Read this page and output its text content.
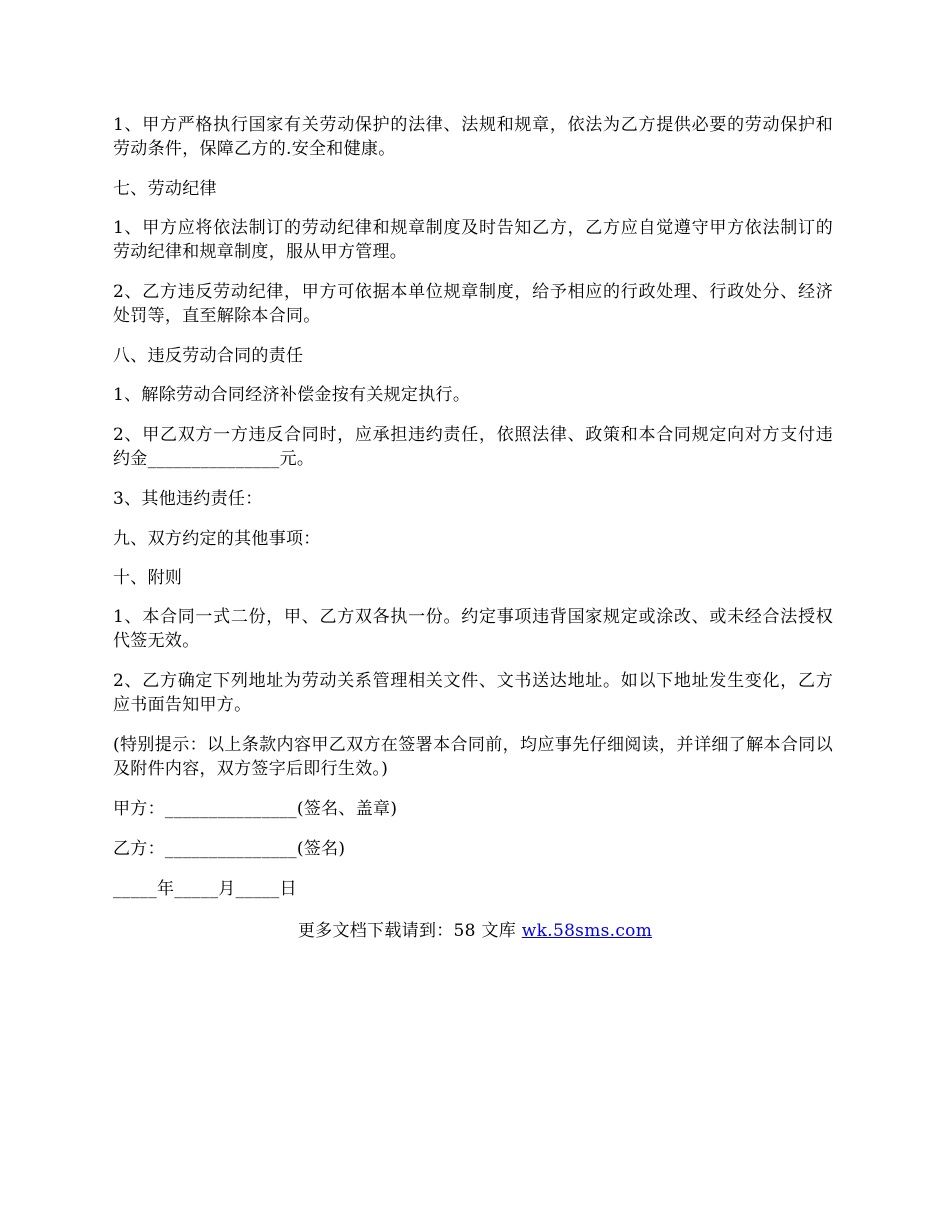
1、甲方严格执行国家有关劳动保护的法律、法规和规章，依法为乙方提供必要的劳动保护和劳动条件，保障乙方的.安全和健康。

七、劳动纪律

1、甲方应将依法制订的劳动纪律和规章制度及时告知乙方，乙方应自觉遵守甲方依法制订的劳动纪律和规章制度，服从甲方管理。

2、乙方违反劳动纪律，甲方可依据本单位规章制度，给予相应的行政处理、行政处分、经济处罚等，直至解除本合同。

八、违反劳动合同的责任

1、解除劳动合同经济补偿金按有关规定执行。

2、甲乙双方一方违反合同时，应承担违约责任，依照法律、政策和本合同规定向对方支付违约金_______________元。

3、其他违约责任：

九、双方约定的其他事项：

十、附则

1、本合同一式二份，甲、乙方双各执一份。约定事项违背国家规定或涂改、或未经合法授权代签无效。

2、乙方确定下列地址为劳动关系管理相关文件、文书送达地址。如以下地址发生变化，乙方应书面告知甲方。

(特别提示：以上条款内容甲乙双方在签署本合同前，均应事先仔细阅读，并详细了解本合同以及附件内容，双方签字后即行生效。)

甲方：_______________(签名、盖章)

乙方：_______________(签名)

_____年_____月_____日

更多文档下载请到：58 文库 wk.58sms.com
